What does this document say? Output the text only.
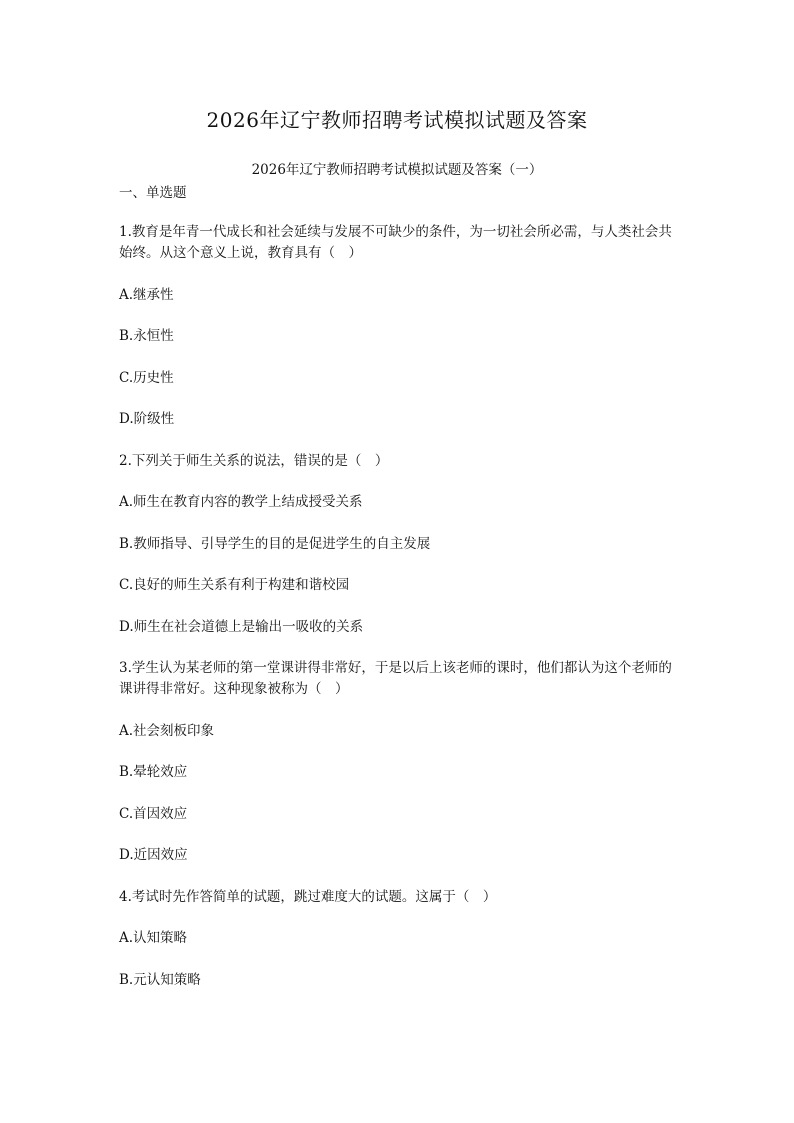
2026年辽宁教师招聘考试模拟试题及答案
2026年辽宁教师招聘考试模拟试题及答案（一）
一、单选题

1.教育是年青一代成长和社会延续与发展不可缺少的条件，为一切社会所必需，与人类社会共始终。从这个意义上说，教育具有（　）

A.继承性

B.永恒性

C.历史性

D.阶级性

2.下列关于师生关系的说法，错误的是（　）

A.师生在教育内容的教学上结成授受关系

B.教师指导、引导学生的目的是促进学生的自主发展

C.良好的师生关系有利于构建和谐校园

D.师生在社会道德上是输出一吸收的关系

3.学生认为某老师的第一堂课讲得非常好，于是以后上该老师的课时，他们都认为这个老师的课讲得非常好。这种现象被称为（　）

A.社会刻板印象

B.晕轮效应

C.首因效应

D.近因效应

4.考试时先作答简单的试题，跳过难度大的试题。这属于（　）

A.认知策略

B.元认知策略
